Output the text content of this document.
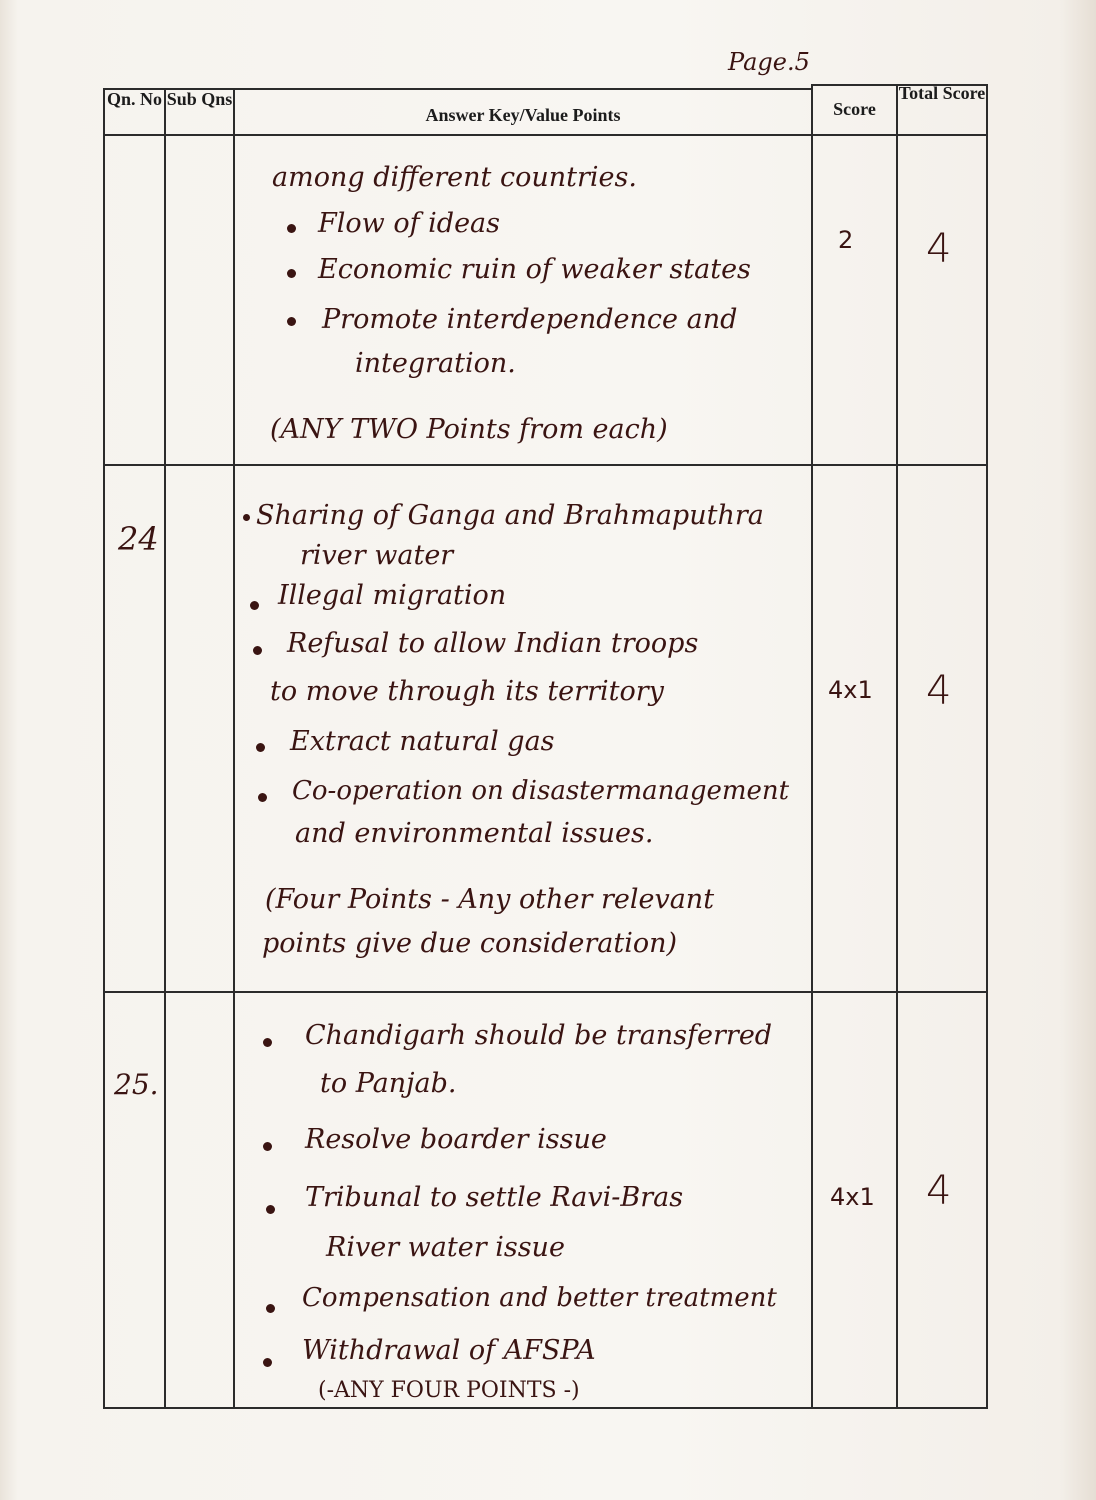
Page.5
Qn. No Sub Qns
Answer Key/Value Points	Score
Total Score
among different countries.
Flow of ideas
Economic ruin of weaker states
Promote interdependence and
integration.
(ANY TWO Points from each)
2 4
24
Sharing of Ganga and Brahmaputhra
river water
Illegal migration
Refusal to allow Indian troops
to move through its territory
Extract natural gas
Co-operation on disastermanagement
and environmental issues.
(Four Points - Any other relevant
points give due consideration)
4x1 4
25.
Chandigarh should be transferred
to Panjab.
Resolve boarder issue
Tribunal to settle Ravi-Bras
River water issue
Compensation and better treatment
Withdrawal of AFSPA
(-ANY FOUR POINTS -)
4x1 4
